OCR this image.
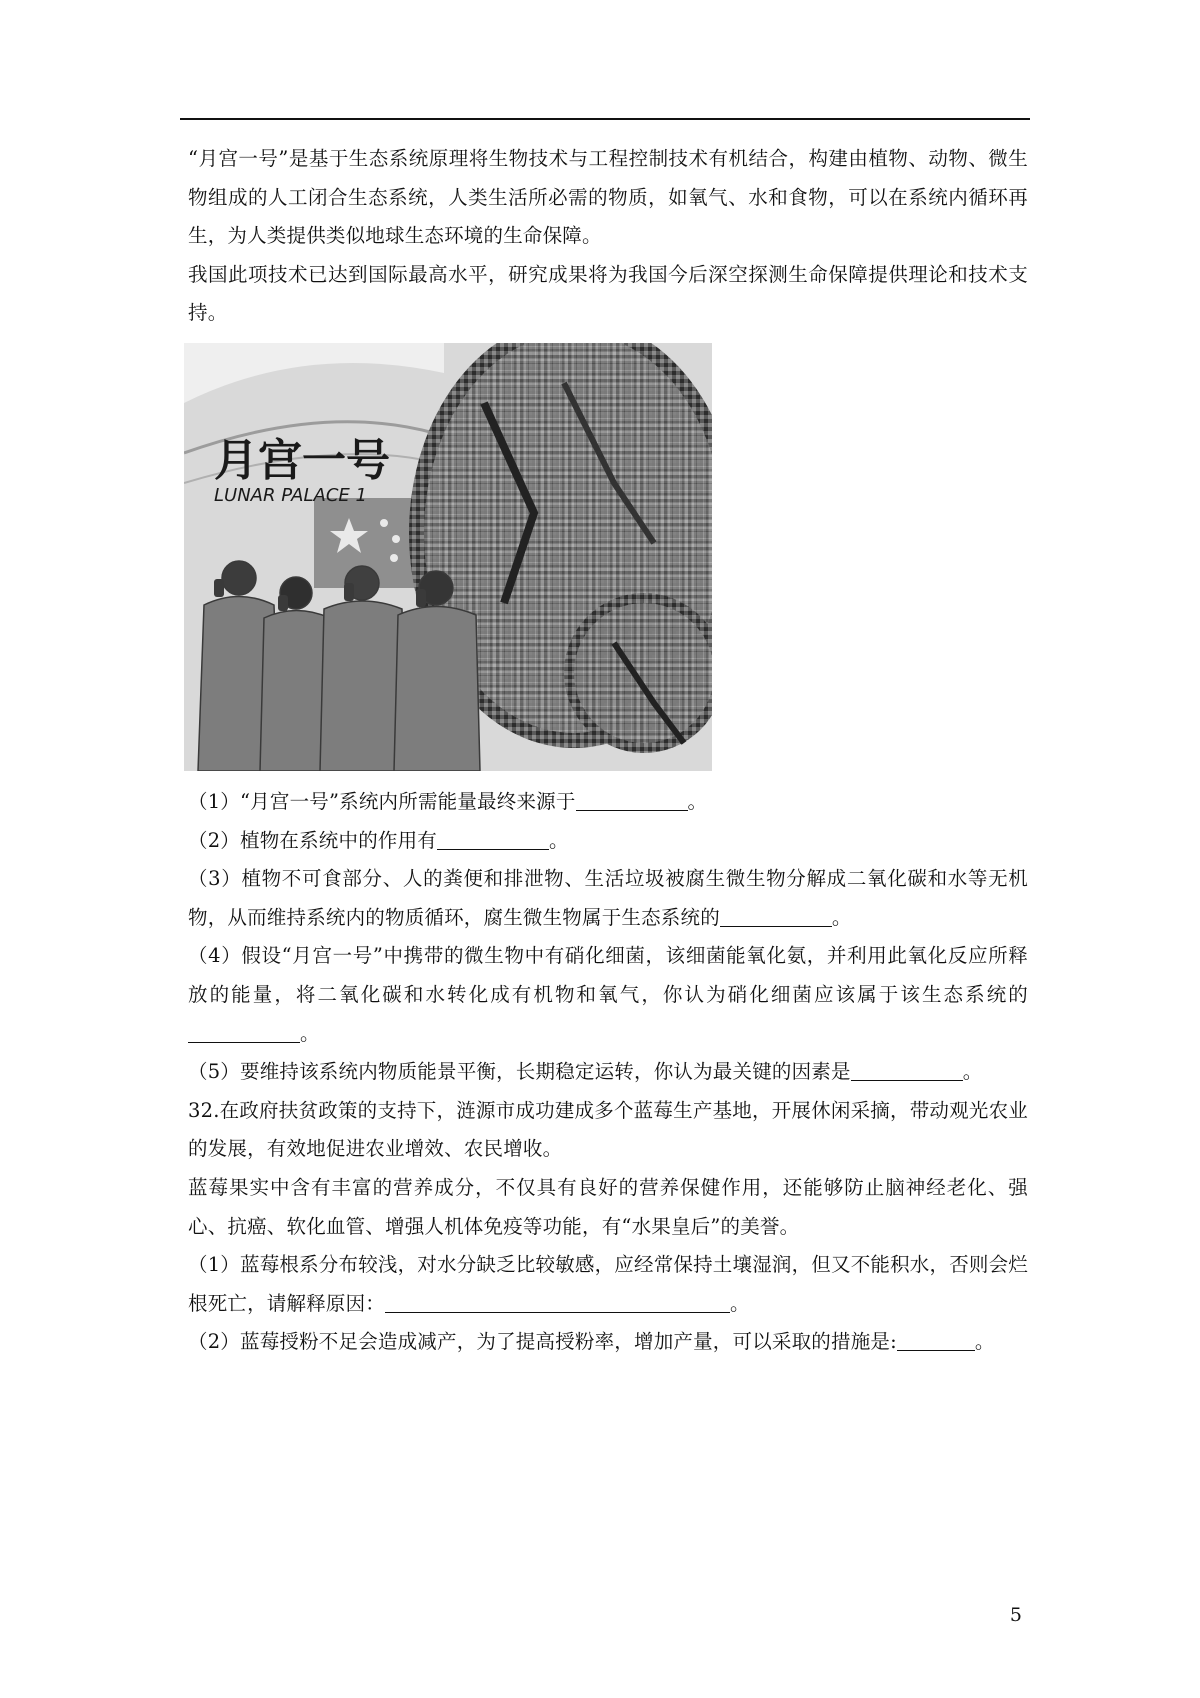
“月宫一号”是基于生态系统原理将生物技术与工程控制技术有机结合，构建由植物、动物、微生物组成的人工闭合生态系统，人类生活所必需的物质，如氧气、水和食物，可以在系统内循环再生，为人类提供类似地球生态环境的生命保障。

我国此项技术已达到国际最高水平，研究成果将为我国今后深空探测生命保障提供理论和技术支持。

月宫一号
LUNAR PALACE 1

（1）“月宫一号”系统内所需能量最终来源于	。

（2）植物在系统中的作用有	。

（3）植物不可食部分、人的粪便和排泄物、生活垃圾被腐生微生物分解成二氧化碳和水等无机物，从而维持系统内的物质循环，腐生微生物属于生态系统的	。

（4）假设“月宫一号”中携带的微生物中有硝化细菌，该细菌能氧化氨，并利用此氧化反应所释放的能量，将二氧化碳和水转化成有机物和氧气，你认为硝化细菌应该属于该生态系统的。

（5）要维持该系统内物质能景平衡，长期稳定运转，你认为最关键的因素是	。

32.在政府扶贫政策的支持下，涟源市成功建成多个蓝莓生产基地，开展休闲采摘，带动观光农业的发展，有效地促进农业增效、农民增收。

蓝莓果实中含有丰富的营养成分，不仅具有良好的营养保健作用，还能够防止脑神经老化、强心、抗癌、软化血管、增强人机体免疫等功能，有“水果皇后”的美誉。

（1）蓝莓根系分布较浅，对水分缺乏比较敏感，应经常保持土壤湿润，但又不能积水，否则会烂根死亡，请解释原因：	。

（2）蓝莓授粉不足会造成减产，为了提高授粉率，增加产量，可以采取的措施是:	。

5
